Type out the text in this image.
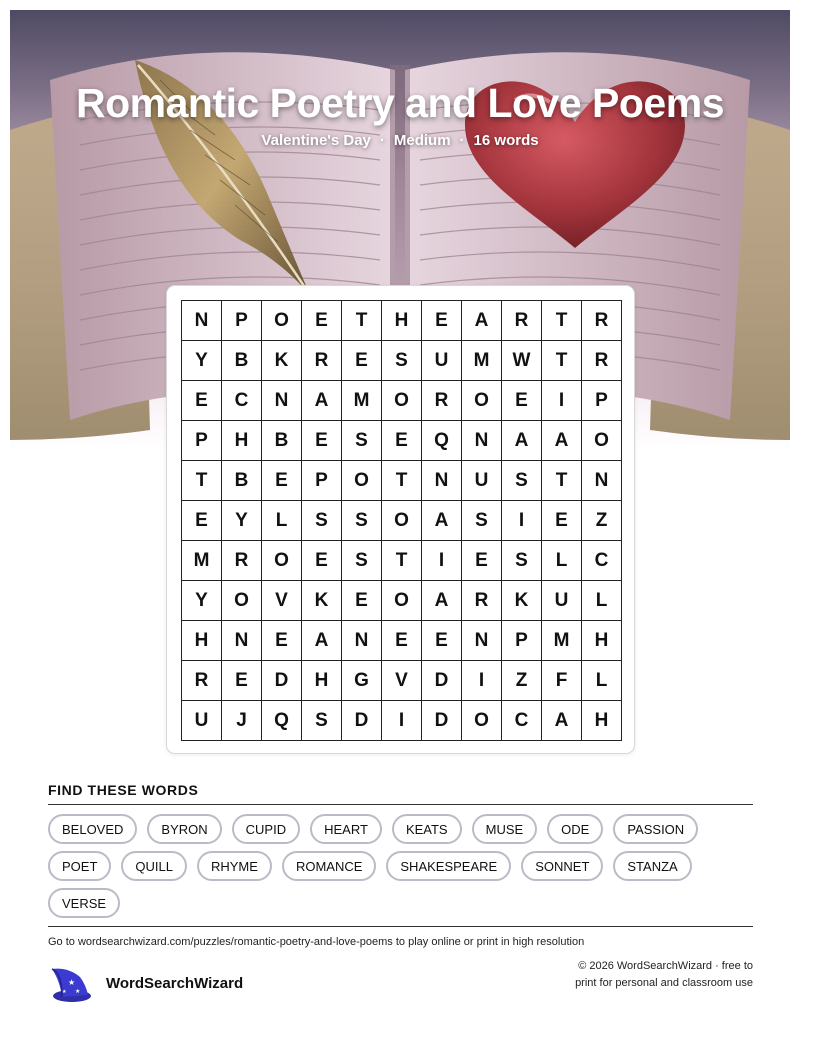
Romantic Poetry and Love Poems
Valentine's Day · Medium · 16 words
N	P	O	E	T	H	E	A	R	T	R
Y	B	K	R	E	S	U	M	W	T	R
E	C	N	A	M	O	R	O	E	I	P
P	H	B	E	S	E	Q	N	A	A	O
T	B	E	P	O	T	N	U	S	T	N
E	Y	L	S	S	O	A	S	I	E	Z
M	R	O	E	S	T	I	E	S	L	C
Y	O	V	K	E	O	A	R	K	U	L
H	N	E	A	N	E	E	N	P	M	H
R	E	D	H	G	V	D	I	Z	F	L
U	J	Q	S	D	I	D	O	C	A	H
FIND THESE WORDS
BELOVED	BYRON	CUPID	HEART	KEATS	MUSE	ODE	PASSION
POET	QUILL	RHYME	ROMANCE	SHAKESPEARE	SONNET	STANZA
VERSE
Go to wordsearchwizard.com/puzzles/romantic-poetry-and-love-poems to play online or print in high resolution
★
★
★
WordSearchWizard
© 2026 WordSearchWizard · free to print for personal and classroom use
